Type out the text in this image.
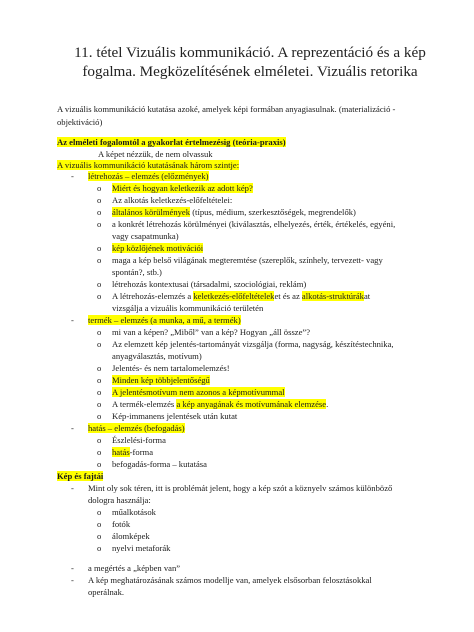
11. tétel Vizuális kommunikáció. A reprezentáció és a kép
fogalma. Megközelítésének elméletei. Vizuális retorika
A vizuális kommunikáció kutatása azoké, amelyek képi formában anyagiasulnak. (materializáció - objektiváció)
Az elméleti fogalomtól a gyakorlat értelmezésig (teória-praxis)
A képet nézzük, de nem olvassuk
A vizuális kommunikáció kutatásának három szintje:
- létrehozás – elemzés (előzmények)
o Miért és hogyan keletkezik az adott kép?
o Az alkotás keletkezés-előfeltételei:
o általános körülmények (típus, médium, szerkesztőségek, megrendelők)
o a konkrét létrehozás körülményei (kiválasztás, elhelyezés, érték, értékelés, egyéni,
vagy csapatmunka)
o kép közlőjének motivációi
o maga a kép belső világának megteremtése (szereplők, színhely, tervezett- vagy
spontán?, stb.)
o létrehozás kontextusai (társadalmi, szociológiai, reklám)
o A létrehozás-elemzés a keletkezés-előfeltételeket és az alkotás-struktúrákat
vizsgálja a vizuális kommunikáció területén
- termék – elemzés (a munka, a mű, a termék)
o mi van a képen? „Miből” van a kép? Hogyan „áll össze”?
o Az elemzett kép jelentés-tartományát vizsgálja (forma, nagyság, készítéstechnika,
anyagválasztás, motívum)
o Jelentés- és nem tartalomelemzés!
o Minden kép többjelentőségű
o A jelentésmotívum nem azonos a képmotívummal
o A termék-elemzés a kép anyagának és motívumának elemzése.
o Kép-immanens jelentések után kutat
- hatás – elemzés (befogadás)
o Észlelési-forma
o hatás-forma
o befogadás-forma – kutatása
Kép és fajtái
- Mint oly sok téren, itt is problémát jelent, hogy a kép szót a köznyelv számos különböző
dologra használja:
o műalkotások
o fotók
o álomképek
o nyelvi metaforák
- a megértés a „képben van”
- A kép meghatározásának számos modellje van, amelyek elsősorban felosztásokkal
operálnak.
